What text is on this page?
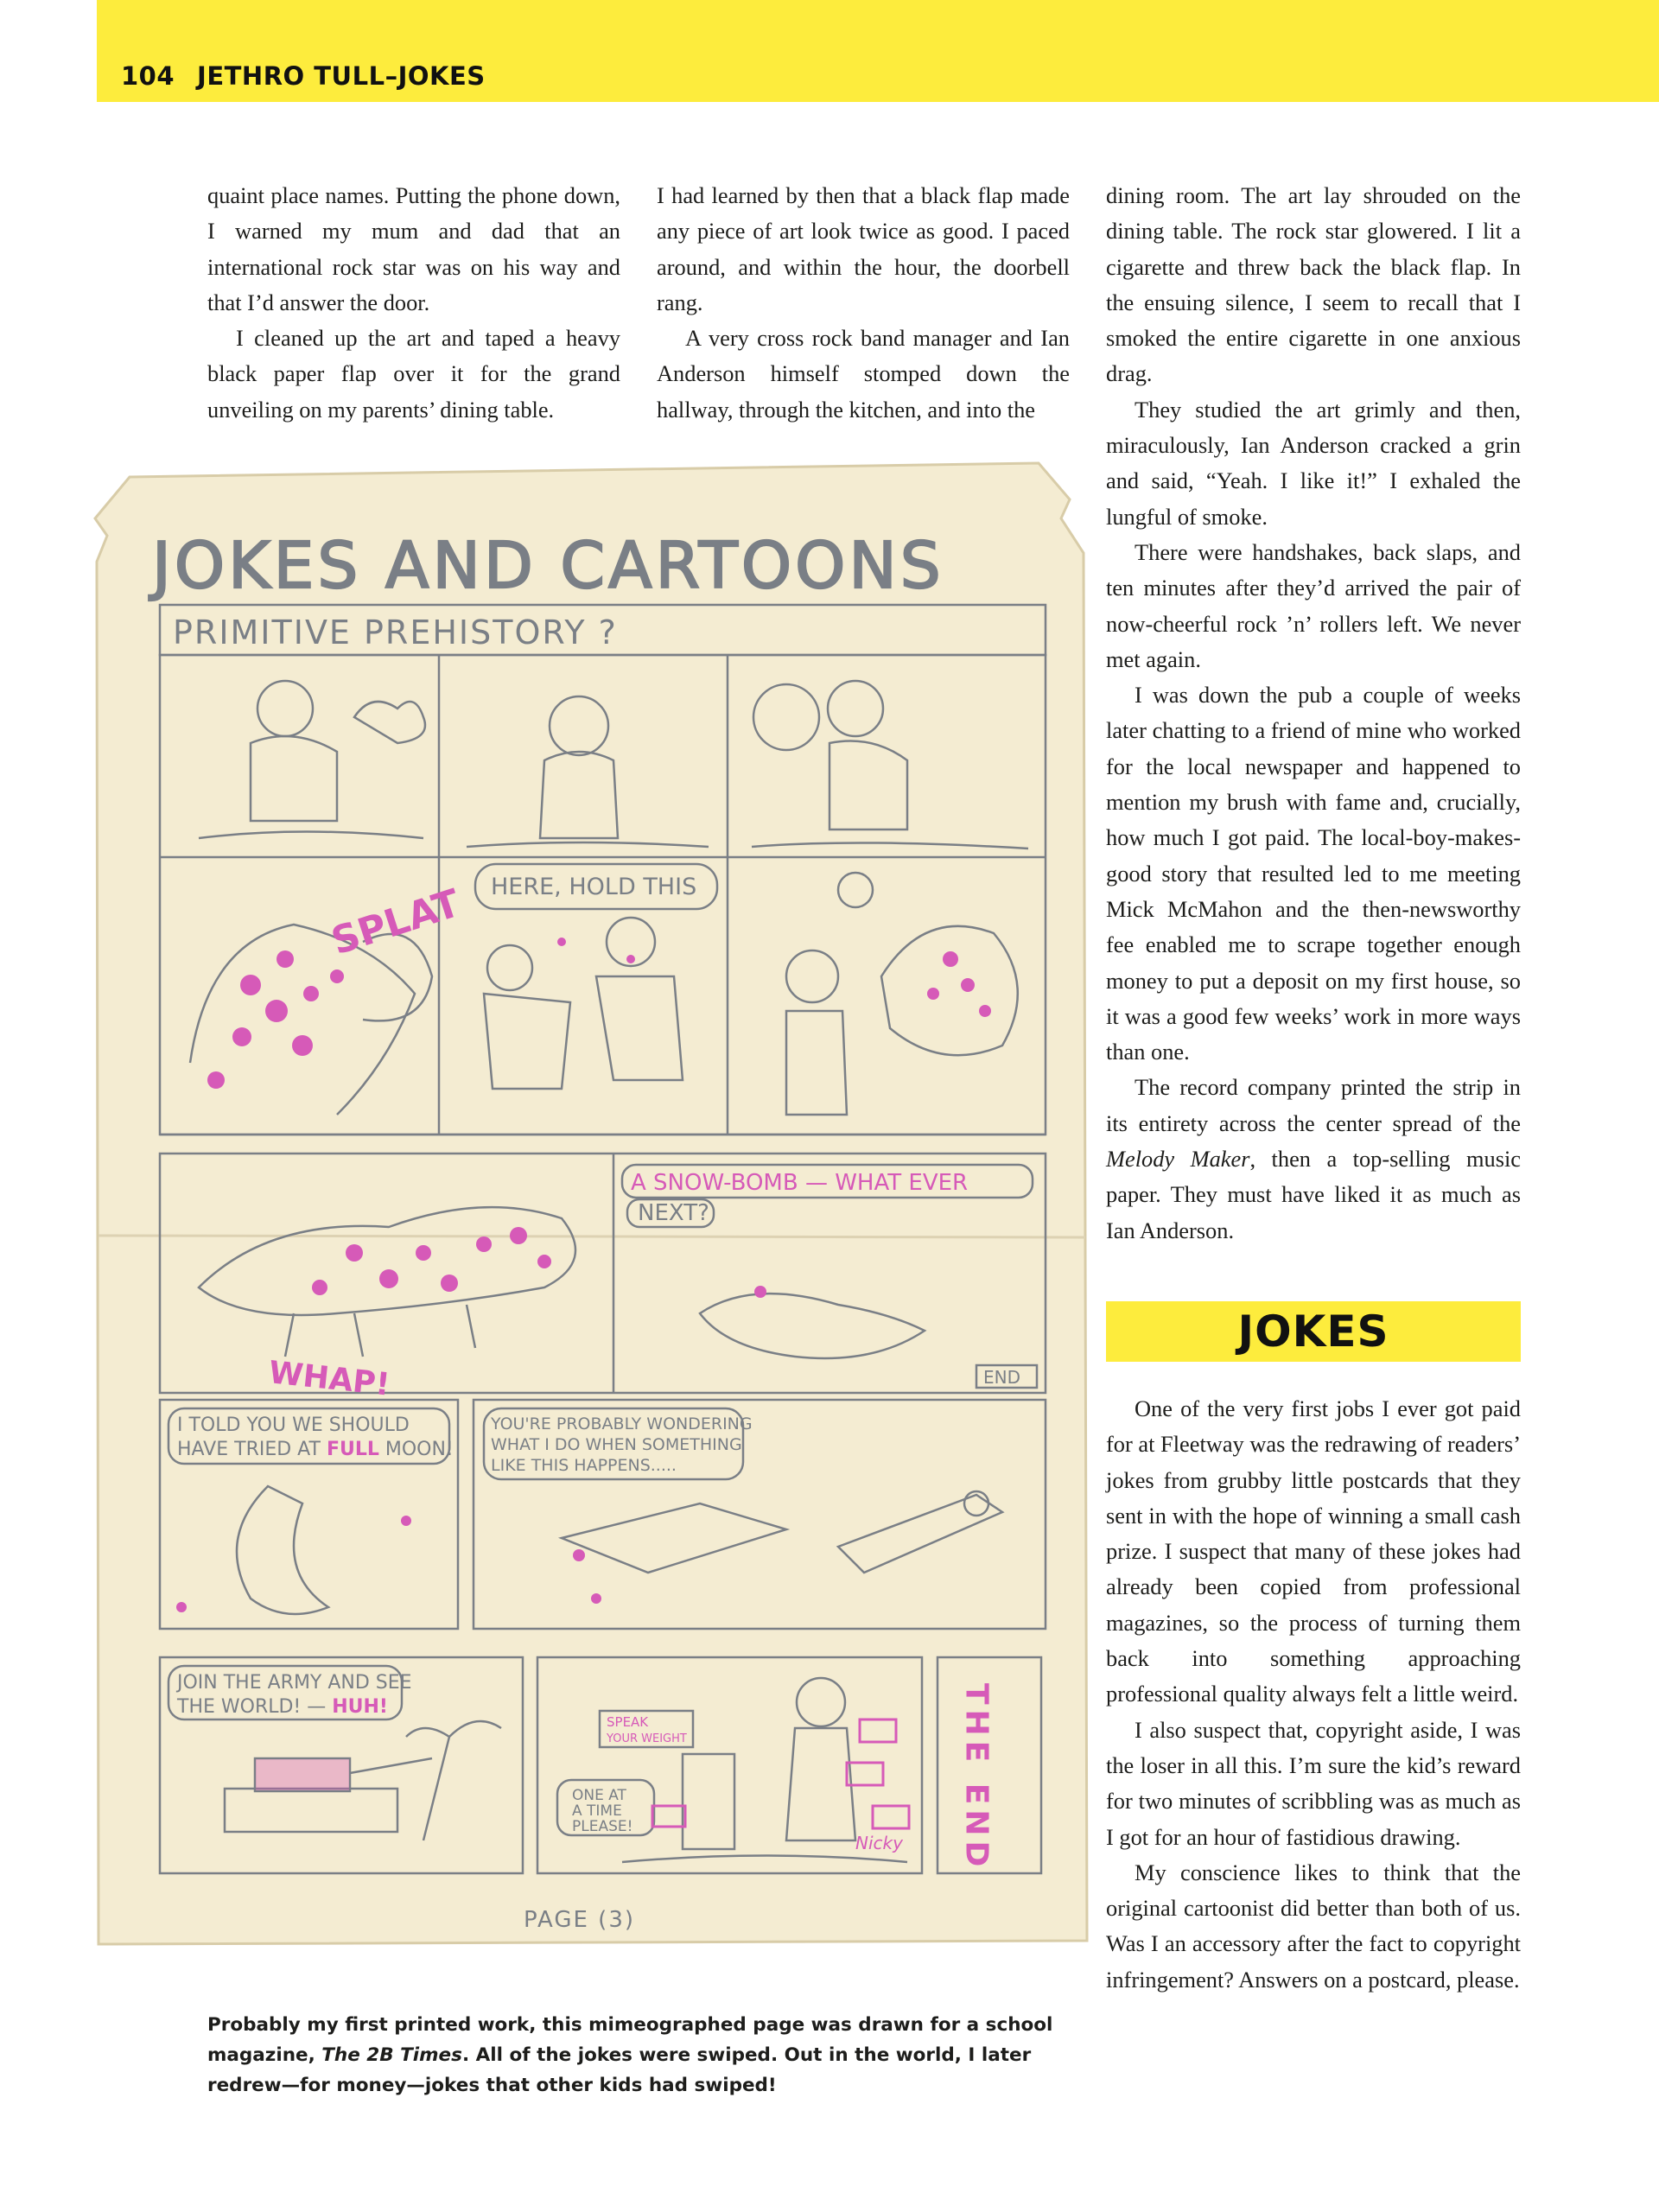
104 JETHRO TULL–JOKES

quaint place names. Putting the phone down, I warned my mum and dad that an international rock star was on his way and that I’d answer the door.

I cleaned up the art and taped a heavy black paper flap over it for the grand unveiling on my parents’ dining table.

I had learned by then that a black flap made any piece of art look twice as good. I paced around, and within the hour, the doorbell rang.

A very cross rock band manager and Ian Anderson himself stomped down the hallway, through the kitchen, and into the

dining room. The art lay shrouded on the dining table. The rock star glowered. I lit a cigarette and threw back the black flap. In the ensuing silence, I seem to recall that I smoked the entire cigarette in one anxious drag.

They studied the art grimly and then, miraculously, Ian Anderson cracked a grin and said, “Yeah. I like it!” I exhaled the lungful of smoke.

There were handshakes, back slaps, and ten minutes after they’d arrived the pair of now-cheerful rock ’n’ rollers left. We never met again.

I was down the pub a couple of weeks later chatting to a friend of mine who worked for the local newspaper and happened to mention my brush with fame and, crucially, how much I got paid. The local-boy-makes-good story that resulted led to me meeting Mick McMahon and the then-newsworthy fee enabled me to scrape together enough money to put a deposit on my first house, so it was a good few weeks’ work in more ways than one.

The record company printed the strip in its entirety across the center spread of the Melody Maker, then a top-selling music paper. They must have liked it as much as Ian Anderson.

JOKES

One of the very first jobs I ever got paid for at Fleetway was the redrawing of readers’ jokes from grubby little postcards that they sent in with the hope of winning a small cash prize. I suspect that many of these jokes had already been copied from professional magazines, so the process of turning them back into something approaching professional quality always felt a little weird.

I also suspect that, copyright aside, I was the loser in all this. I’m sure the kid’s reward for two minutes of scribbling was as much as I got for an hour of fastidious drawing.

My conscience likes to think that the original cartoonist did better than both of us. Was I an accessory after the fact to copyright infringement? Answers on a postcard, please.

JOKES AND CARTOONS
PRIMITIVE PREHISTORY ?
SPLAT HERE, HOLD THIS
A SNOW-BOMB — WHAT EVER
NEXT?
WHAP!	END
I TOLD YOU WE SHOULD
HAVE TRIED AT FULL MOON!
YOU'RE PROBABLY WONDERING
WHAT I DO WHEN SOMETHING
LIKE THIS HAPPENS.....
JOIN THE ARMY AND SEE
THE WORLD! — HUH!
SPEAK
YOUR WEIGHT
ONE AT
A TIME
PLEASE!
Nicky THE END
PAGE (3)

Probably my first printed work, this mimeographed page was drawn for a school magazine, The 2B Times. All of the jokes were swiped. Out in the world, I later redrew—for money—jokes that other kids had swiped!
